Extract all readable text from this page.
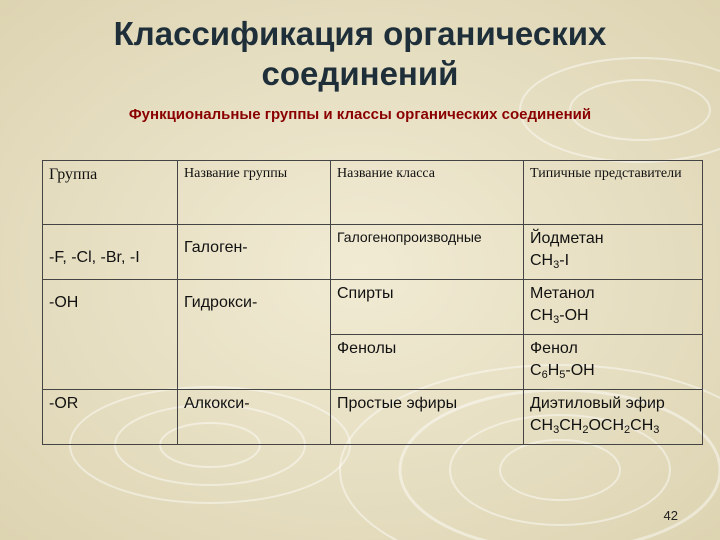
Классификация органических соединений
Функциональные группы и классы органических соединений
Группа	Название группы	Название класса	Типичные представители
-F, -Cl, -Br, -I	Галоген-	Галогенопроизводные	Йодметан
$CH_3-I$

-OH	Гидрокси-	Спирты	Метанол
$CH_3-OH$

		Фенолы	Фенол
$C_6H_5-OH$

-OR	Алкокси-	Простые эфиры	Диэтиловый эфир
$CH_3CH_2OCH_2CH_3$
42
